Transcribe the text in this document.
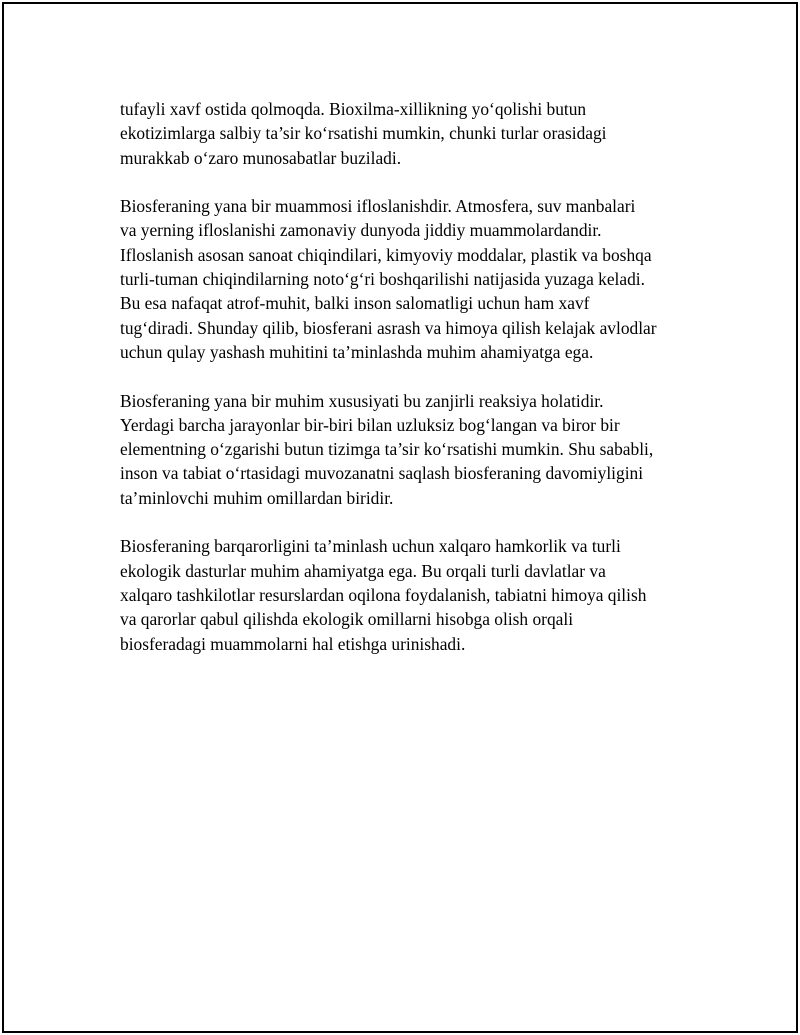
tufayli xavf ostida qolmoqda. Bioxilma-xillikning yo‘qolishi butun
ekotizimlarga salbiy ta’sir ko‘rsatishi mumkin, chunki turlar orasidagi
murakkab o‘zaro munosabatlar buziladi.

Biosferaning yana bir muammosi ifloslanishdir. Atmosfera, suv manbalari
va yerning ifloslanishi zamonaviy dunyoda jiddiy muammolardandir.
Ifloslanish asosan sanoat chiqindilari, kimyoviy moddalar, plastik va boshqa
turli-tuman chiqindilarning noto‘g‘ri boshqarilishi natijasida yuzaga keladi.
Bu esa nafaqat atrof-muhit, balki inson salomatligi uchun ham xavf
tug‘diradi. Shunday qilib, biosferani asrash va himoya qilish kelajak avlodlar
uchun qulay yashash muhitini ta’minlashda muhim ahamiyatga ega.

Biosferaning yana bir muhim xususiyati bu zanjirli reaksiya holatidir.
Yerdagi barcha jarayonlar bir-biri bilan uzluksiz bog‘langan va biror bir
elementning o‘zgarishi butun tizimga ta’sir ko‘rsatishi mumkin. Shu sababli,
inson va tabiat o‘rtasidagi muvozanatni saqlash biosferaning davomiyligini
ta’minlovchi muhim omillardan biridir.

Biosferaning barqarorligini ta’minlash uchun xalqaro hamkorlik va turli
ekologik dasturlar muhim ahamiyatga ega. Bu orqali turli davlatlar va
xalqaro tashkilotlar resurslardan oqilona foydalanish, tabiatni himoya qilish
va qarorlar qabul qilishda ekologik omillarni hisobga olish orqali
biosferadagi muammolarni hal etishga urinishadi.
